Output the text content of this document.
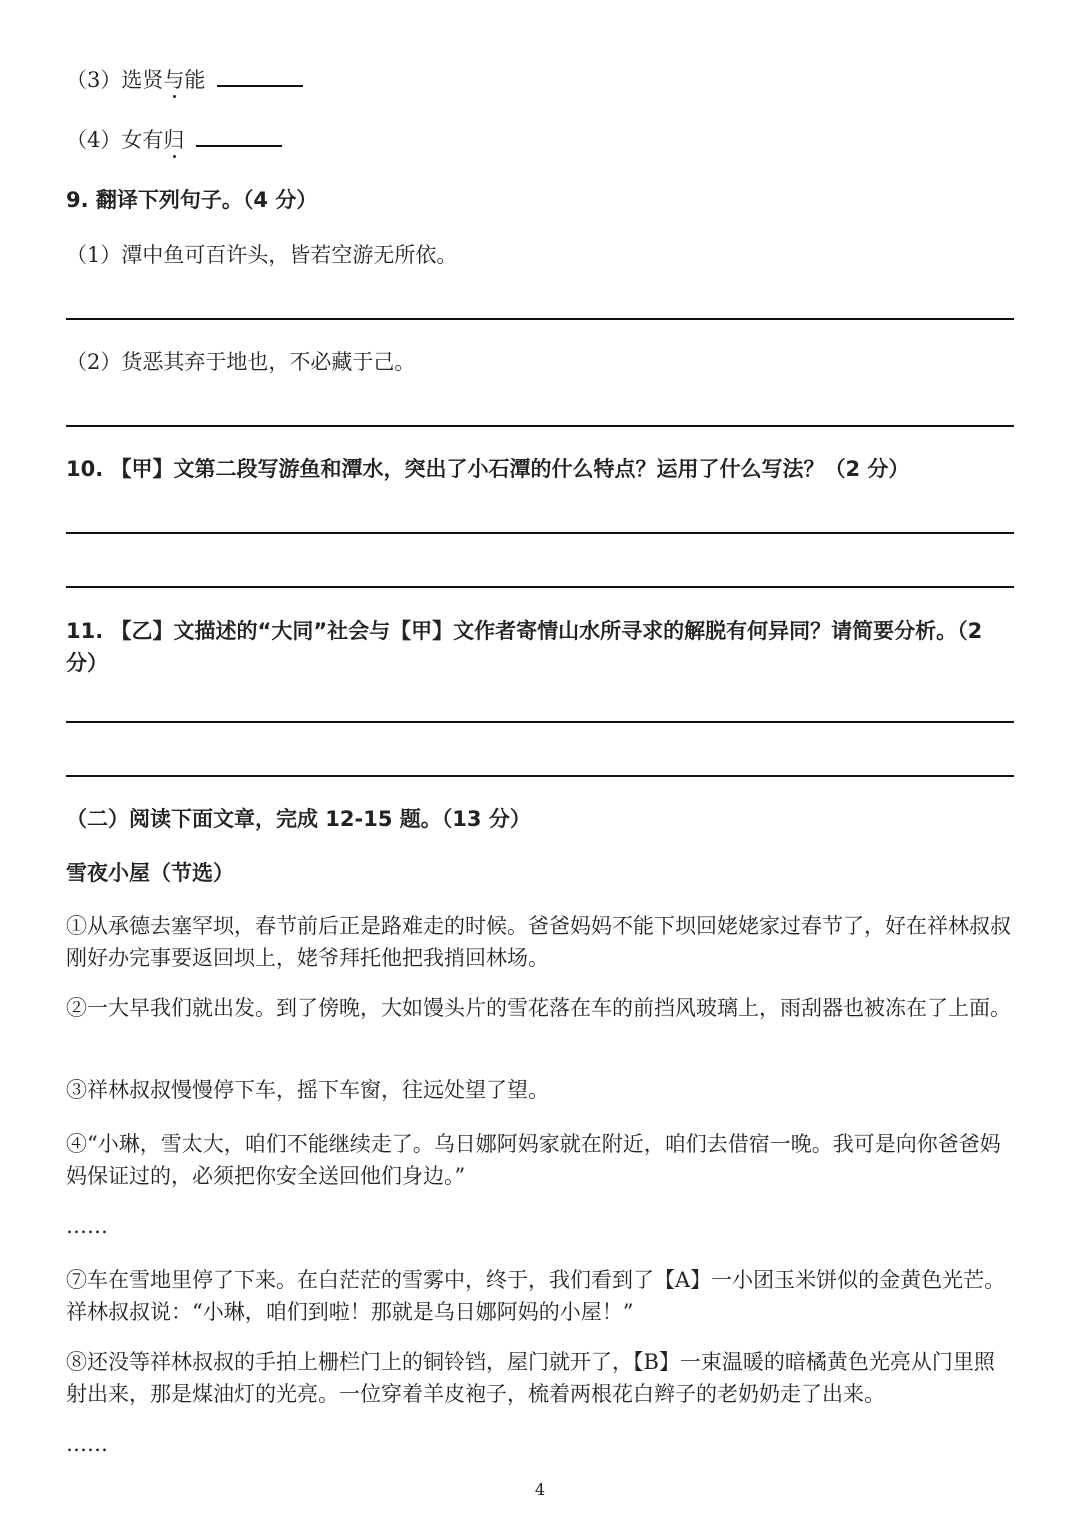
（3）选贤与能

（4）女有归

9. 翻译下列句子。（4 分）

（1）潭中鱼可百许头，皆若空游无所依。

（2）货恶其弃于地也，不必藏于己。

10. 【甲】文第二段写游鱼和潭水，突出了小石潭的什么特点？运用了什么写法？（2 分）

11. 【乙】文描述的“大同”社会与【甲】文作者寄情山水所寻求的解脱有何异同？请简要分析。（2 分）

（二）阅读下面文章，完成 12-15 题。（13 分）

雪夜小屋（节选）

①从承德去塞罕坝，春节前后正是路难走的时候。爸爸妈妈不能下坝回姥姥家过春节了，好在祥林叔叔刚好办完事要返回坝上，姥爷拜托他把我捎回林场。

②一大早我们就出发。到了傍晚，大如馒头片的雪花落在车的前挡风玻璃上，雨刮器也被冻在了上面。

③祥林叔叔慢慢停下车，摇下车窗，往远处望了望。

④“小琳，雪太大，咱们不能继续走了。乌日娜阿妈家就在附近，咱们去借宿一晚。我可是向你爸爸妈妈保证过的，必须把你安全送回他们身边。”

……

⑦车在雪地里停了下来。在白茫茫的雪雾中，终于，我们看到了【A】一小团玉米饼似的金黄色光芒。祥林叔叔说：“小琳，咱们到啦！那就是乌日娜阿妈的小屋！”

⑧还没等祥林叔叔的手拍上栅栏门上的铜铃铛，屋门就开了，【B】一束温暖的暗橘黄色光亮从门里照射出来，那是煤油灯的光亮。一位穿着羊皮袍子，梳着两根花白辫子的老奶奶走了出来。

……

4
